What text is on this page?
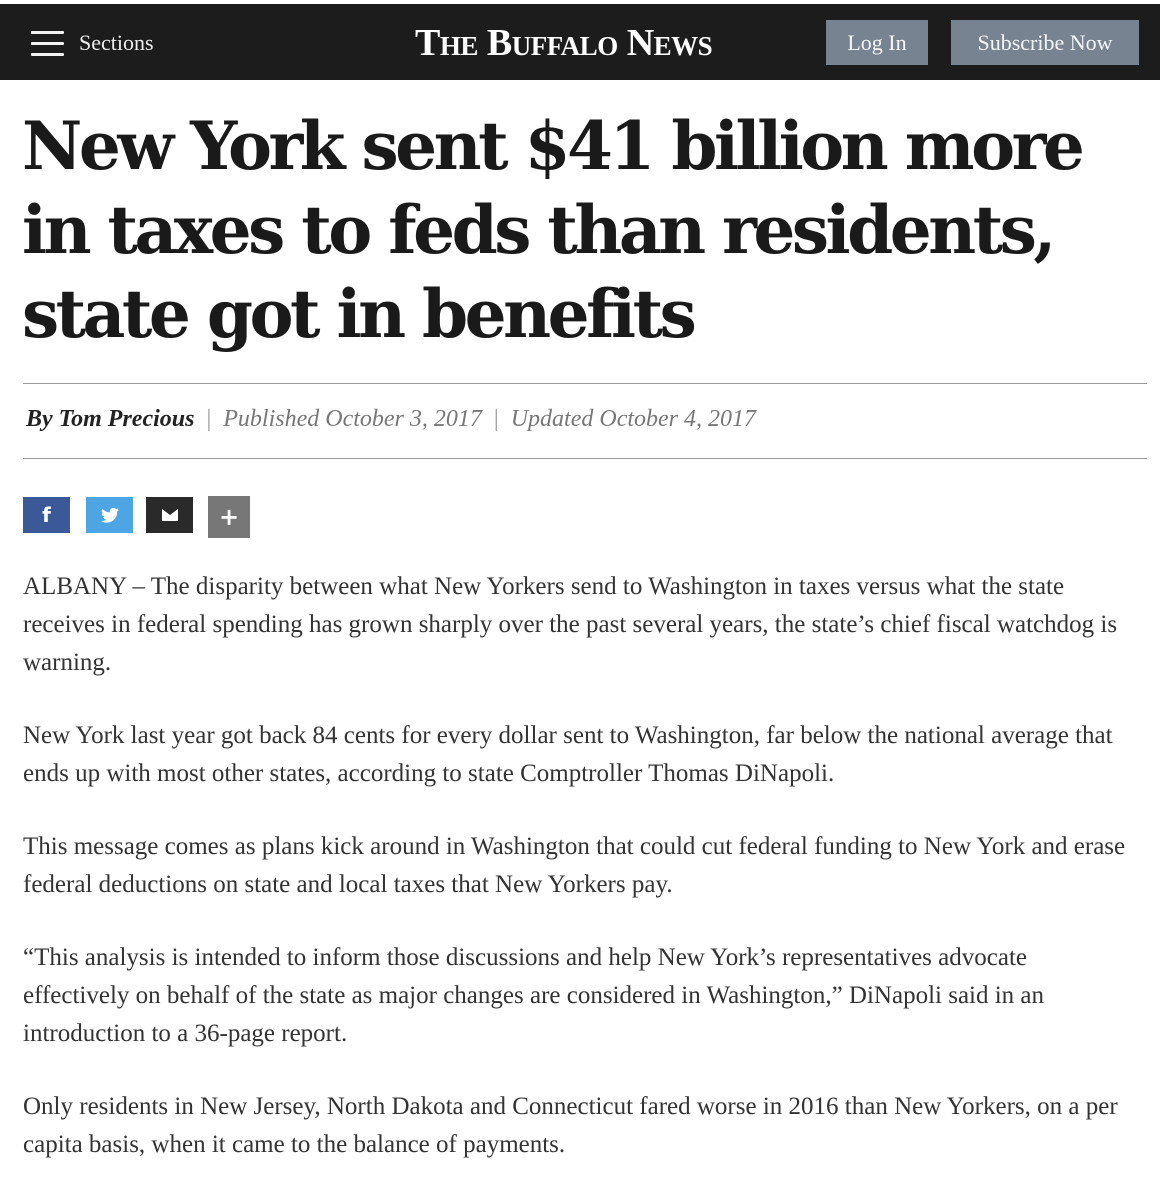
Sections	The Buffalo News	Log In	Subscribe Now
New York sent $41 billion more in taxes to feds than residents, state got in benefits
By Tom Precious | Published October 3, 2017 | Updated October 4, 2017
f	+

ALBANY – The disparity between what New Yorkers send to Washington in taxes versus what the state receives in federal spending has grown sharply over the past several years, the state’s chief fiscal watchdog is warning.

New York last year got back 84 cents for every dollar sent to Washington, far below the national average that ends up with most other states, according to state Comptroller Thomas DiNapoli.

This message comes as plans kick around in Washington that could cut federal funding to New York and erase federal deductions on state and local taxes that New Yorkers pay.

“This analysis is intended to inform those discussions and help New York’s representatives advocate effectively on behalf of the state as major changes are considered in Washington,” DiNapoli said in an introduction to a 36-page report.

Only residents in New Jersey, North Dakota and Connecticut fared worse in 2016 than New Yorkers, on a per capita basis, when it came to the balance of payments.
